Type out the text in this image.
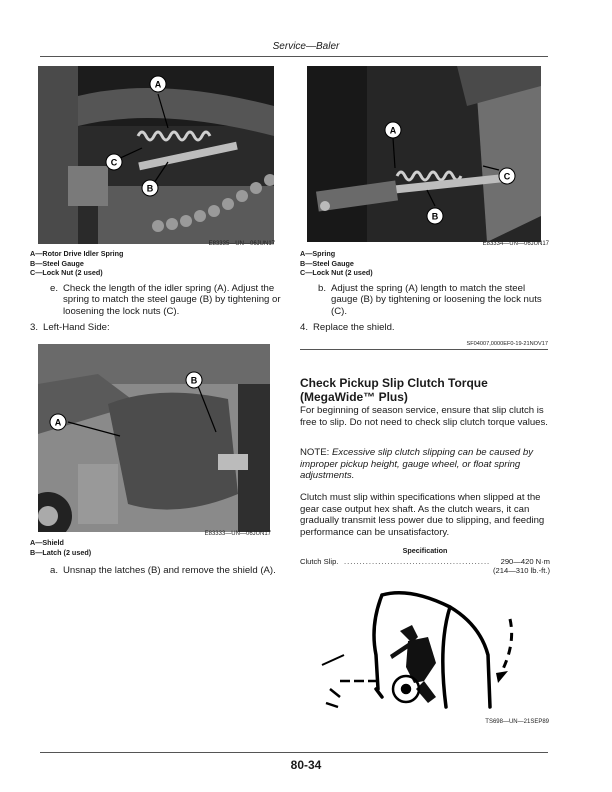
Service—Baler
A
C
B
E83335—UN—06JUN17
A—Rotor Drive Idler Spring
B—Steel Gauge
C—Lock Nut (2 used)
e. Check the length of the idler spring (A). Adjust the spring to match the steel gauge (B) by tightening or loosening the lock nuts (C).
3. Left-Hand Side:
B
A
E83333—UN—06JUN17
A—Shield
B—Latch (2 used)
a. Unsnap the latches (B) and remove the shield (A).
A
C
B
E83334—UN—06JUN17
A—Spring
B—Steel Gauge
C—Lock Nut (2 used)
b. Adjust the spring (A) length to match the steel gauge (B) by tightening or loosening the lock nuts (C).
4. Replace the shield.
SF04007,0000EF0-19-21NOV17
Check Pickup Slip Clutch Torque (MegaWide™ Plus)
For beginning of season service, ensure that slip clutch is free to slip. Do not need to check slip clutch torque values.
NOTE: Excessive slip clutch slipping can be caused by improper pickup height, gauge wheel, or float spring adjustments.
Clutch must slip within specifications when slipped at the gear case output hex shaft. As the clutch wears, it can gradually transmit less power due to slipping, and feeding performance can be unsatisfactory.
Specification
Clutch Slip. ...............................................	290—420 N·m
(214—310 lb.-ft.)
TS698—UN—21SEP89
80-34
